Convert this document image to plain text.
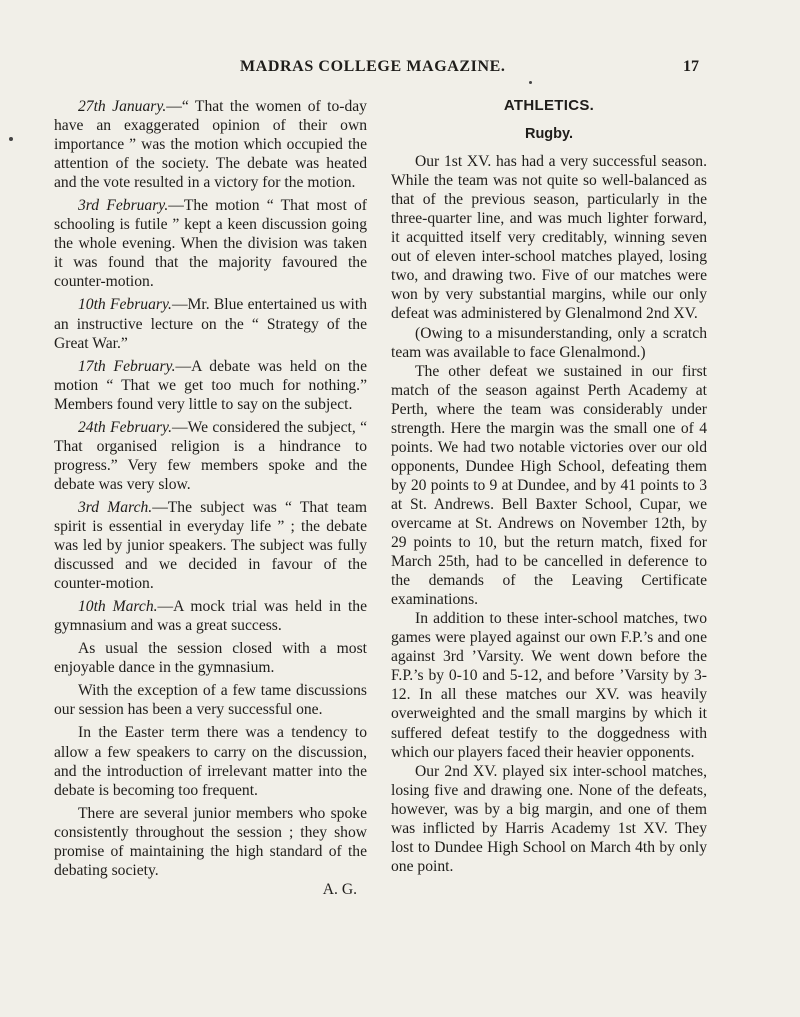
MADRAS COLLEGE MAGAZINE.	17

27th January.—“ That the women of to-day have an exaggerated opinion of their own importance ” was the motion which occupied the attention of the society. The debate was heated and the vote resulted in a victory for the motion.

3rd February.—The motion “ That most of schooling is futile ” kept a keen discussion going the whole evening. When the division was taken it was found that the majority favoured the counter-motion.

10th February.—Mr. Blue entertained us with an instructive lecture on the “ Strategy of the Great War.”

17th February.—A debate was held on the motion “ That we get too much for nothing.” Members found very little to say on the subject.

24th February.—We considered the subject, “ That organised religion is a hindrance to progress.” Very few members spoke and the debate was very slow.

3rd March.—The subject was “ That team spirit is essential in everyday life ” ; the debate was led by junior speakers. The subject was fully discussed and we decided in favour of the counter-motion.

10th March.—A mock trial was held in the gymnasium and was a great success.

As usual the session closed with a most enjoyable dance in the gymnasium.

With the exception of a few tame discussions our session has been a very successful one.

In the Easter term there was a tendency to allow a few speakers to carry on the discussion, and the introduction of irrelevant matter into the debate is becoming too frequent.

There are several junior members who spoke consistently throughout the session ; they show promise of maintaining the high standard of the debating society.

A. G.

ATHLETICS.
Rugby.

Our 1st XV. has had a very successful season. While the team was not quite so well-balanced as that of the previous season, particularly in the three-quarter line, and was much lighter forward, it acquitted itself very creditably, winning seven out of eleven inter-school matches played, losing two, and drawing two. Five of our matches were won by very substantial margins, while our only defeat was administered by Glenalmond 2nd XV.

(Owing to a misunderstanding, only a scratch team was available to face Glenalmond.)

The other defeat we sustained in our first match of the season against Perth Academy at Perth, where the team was considerably under strength. Here the margin was the small one of 4 points. We had two notable victories over our old opponents, Dundee High School, defeating them by 20 points to 9 at Dundee, and by 41 points to 3 at St. Andrews. Bell Baxter School, Cupar, we overcame at St. Andrews on November 12th, by 29 points to 10, but the return match, fixed for March 25th, had to be cancelled in deference to the demands of the Leaving Certificate examinations.

In addition to these inter-school matches, two games were played against our own F.P.’s and one against 3rd ’Varsity. We went down before the F.P.’s by 0-10 and 5-12, and before ’Varsity by 3-12. In all these matches our XV. was heavily overweighted and the small margins by which it suffered defeat testify to the doggedness with which our players faced their heavier opponents.

Our 2nd XV. played six inter-school matches, losing five and drawing one. None of the defeats, however, was by a big margin, and one of them was inflicted by Harris Academy 1st XV. They lost to Dundee High School on March 4th by only one point.
